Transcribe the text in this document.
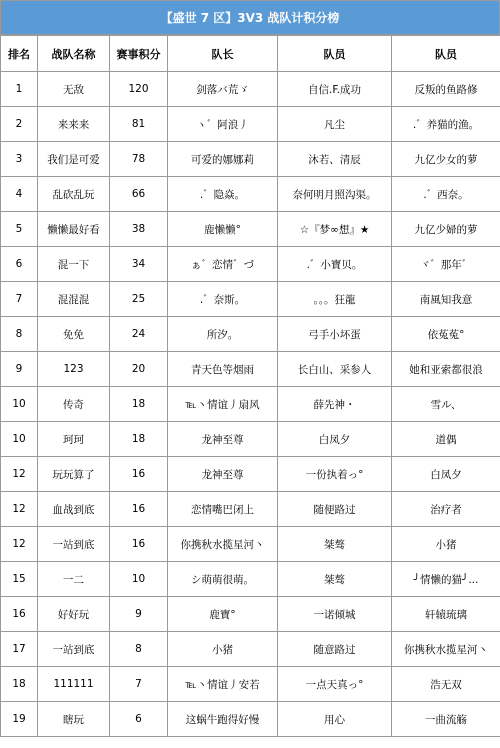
【盛世 7 区】3V3 战队计积分榜
排名	战队名称	赛事积分	队长	队员	队员
1	无敌	120	剑落バ荒ゞ	自信.F.成功	反叛的鱼路修
2	来来来	81	ヽ゛阿浪丿	凡尘	.゛养猫的渔。
3	我们是可爱	78	可爱的娜娜莉	沐若、清辰	九亿少女的萝
4	乱砍乱玩	66	.゛隐焱。	奈何明月照沟渠。	.゛西奈。
5	懒懒最好看	38	鹿懒懒°	☆『梦∞想』★	九亿少婦的萝
6	混一下	34	ぁ゛恋情゛づ	.゛小寶贝。	ヾ゛那年゛
7	混混混	25	.゛奈斯。	。。。狂龍	南風知我意
8	免免	24	所汐。	弓手小坏蛋	依菟菟°
9	123	20	青天色等烟雨	长白山、采参人	她和亚索都很浪
10	传奇	18	℡丶情谊丿扇风	薛先神・	雪ル、
10	珂珂	18	龙神至尊	白凤夕	道偶
12	玩玩算了	16	龙神至尊	一份执着っ°	白凤夕
12	血战到底	16	恋情嘴巴闭上	随便路过	治疗者
12	一站到底	16	你携秋水揽星河丶	桀骜	小猪
15	一二	10	シ萌萌很萌。	桀骜	╯情懒的猫╯...
16	好好玩	9	鹿寶°	一诺倾城	轩辕琉璃
17	一站到底	8	小猪	随意路过	你携秋水揽星河丶
18	111111	7	℡丶情谊丿安若	一点天真っ°	浩无双
19	瞎玩	6	这蜗牛跑得好慢	用心	一曲流觞
